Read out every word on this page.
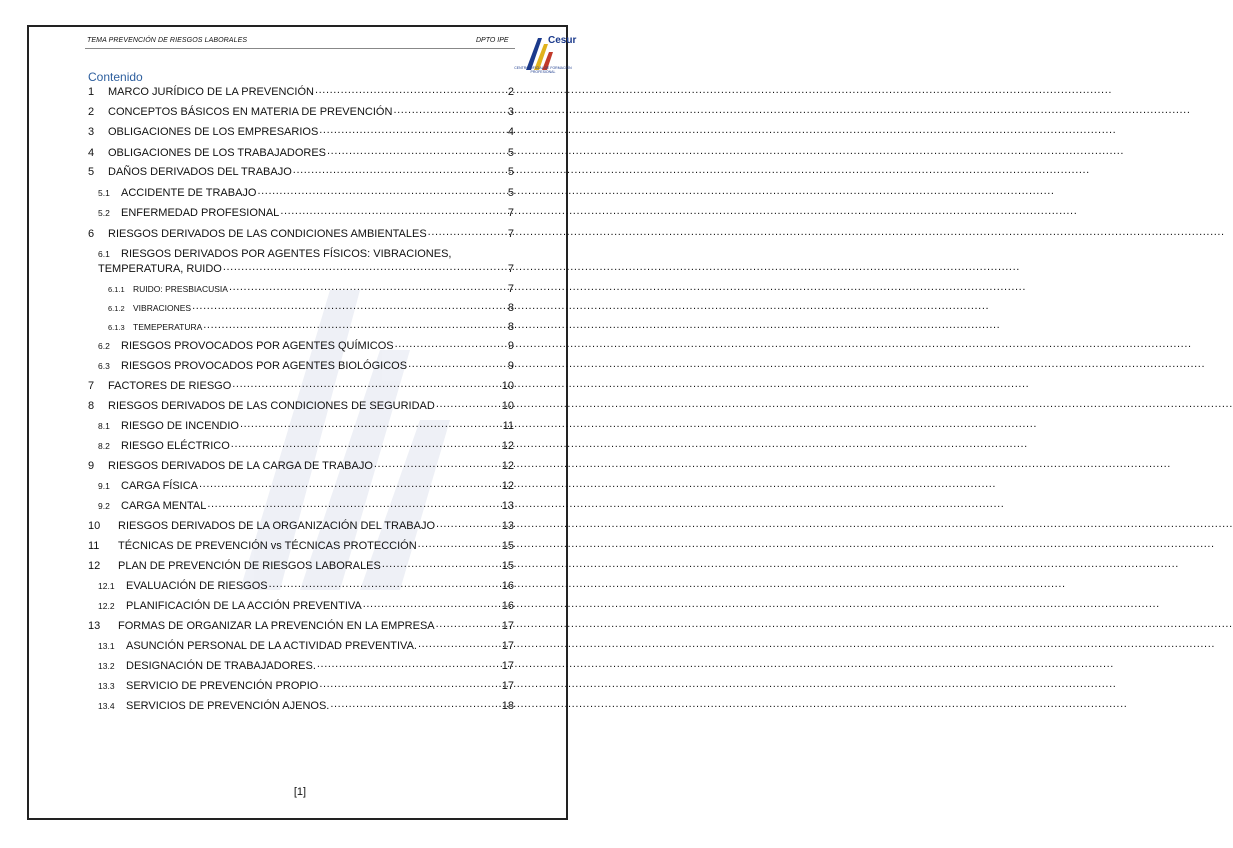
TEMA PREVENCIÓN DE RIESGOS LABORALES	DPTO IPE	Cesur
CENTRO OFICIAL DE FORMACIÓN PROFESIONAL
Contenido
1	MARCO JURÍDICO DE LA PREVENCIÓN .....	2
2	CONCEPTOS BÁSICOS EN MATERIA DE PREVENCIÓN .....	3
3	OBLIGACIONES DE LOS EMPRESARIOS .....	4
4	OBLIGACIONES DE LOS TRABAJADORES .....	5
5	DAÑOS DERIVADOS DEL TRABAJO .....	5
5.1	ACCIDENTE DE TRABAJO .....	5
5.2	ENFERMEDAD PROFESIONAL .....	7
6	RIESGOS DERIVADOS DE LAS CONDICIONES AMBIENTALES .....	7
6.1	RIESGOS DERIVADOS POR AGENTES FÍSICOS: VIBRACIONES,
TEMPERATURA, RUIDO .....	7
6.1.1 RUIDO: PRESBIACUSIA .....	7
6.1.2 VIBRACIONES .....	8
6.1.3 TEMEPERATURA .....	8
6.2	RIESGOS PROVOCADOS POR AGENTES QUÍMICOS .....	9
6.3	RIESGOS PROVOCADOS POR AGENTES BIOLÓGICOS .....	9
7	FACTORES DE RIESGO .....	10
8	RIESGOS DERIVADOS DE LAS CONDICIONES DE SEGURIDAD .....	10
8.1	RIESGO DE INCENDIO .....	11
8.2	RIESGO ELÉCTRICO .....	12
9	RIESGOS DERIVADOS DE LA CARGA DE TRABAJO .....	12
9.1	CARGA FÍSICA .....	12
9.2	CARGA MENTAL .....	13
10	RIESGOS DERIVADOS DE LA ORGANIZACIÓN DEL TRABAJO .....	13
11	TÉCNICAS DE PREVENCIÓN vs TÉCNICAS PROTECCIÓN .....	15
12	PLAN DE PREVENCIÓN DE RIESGOS LABORALES .....	15
12.1	EVALUACIÓN DE RIESGOS .....	16
12.2	PLANIFICACIÓN DE LA ACCIÓN PREVENTIVA .....	16
13	FORMAS DE ORGANIZAR LA PREVENCIÓN EN LA EMPRESA .....	17
13.1	ASUNCIÓN PERSONAL DE LA ACTIVIDAD PREVENTIVA. .....	17
13.2	DESIGNACIÓN DE TRABAJADORES. .....	17
13.3	SERVICIO DE PREVENCIÓN PROPIO .....	17
13.4	SERVICIOS DE PREVENCIÓN AJENOS. .....	18
[1]
